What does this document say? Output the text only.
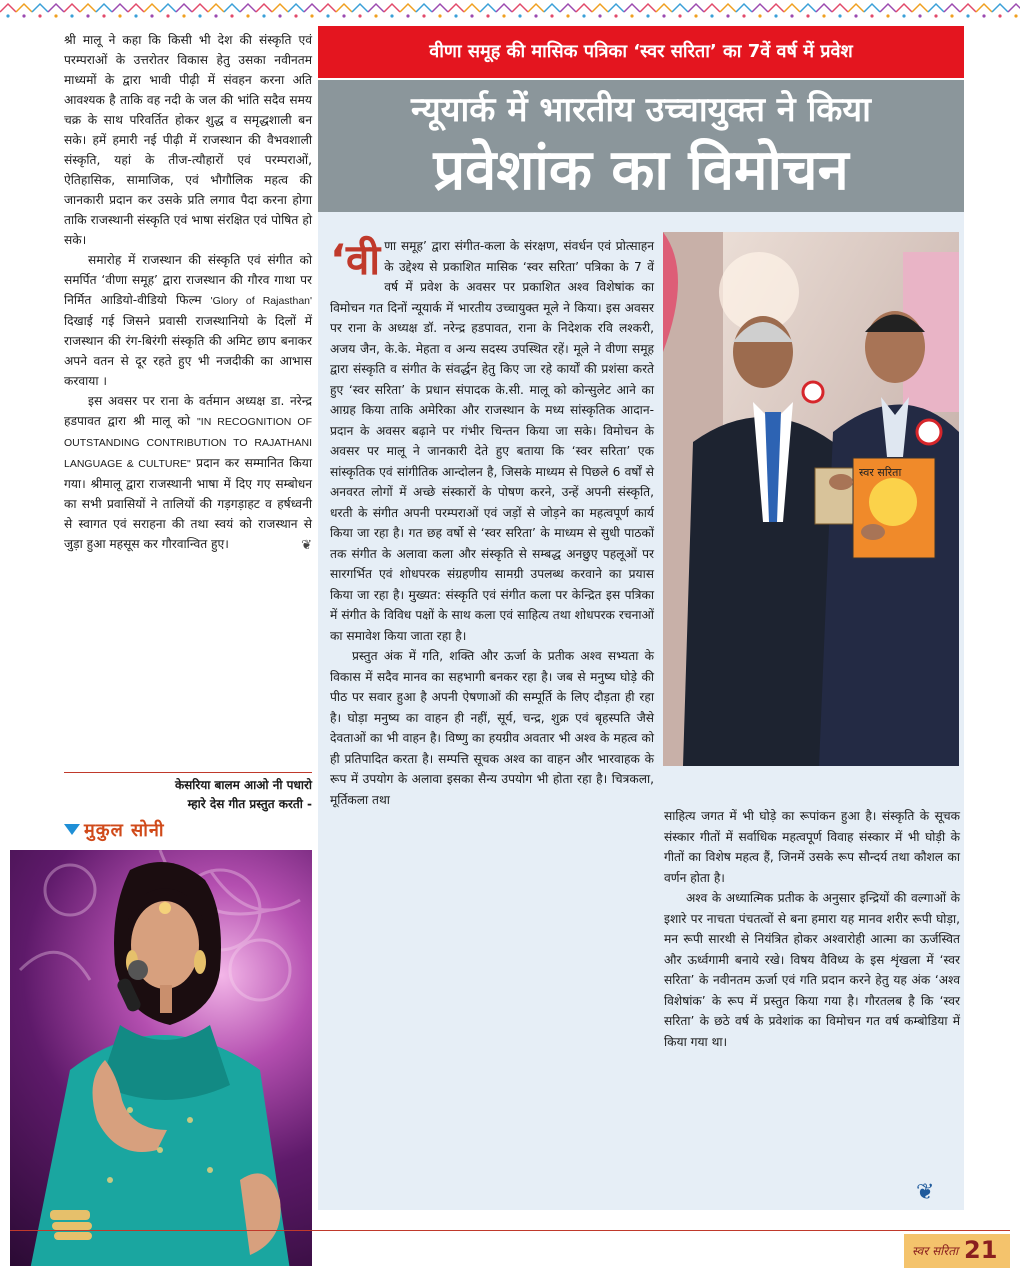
श्री मालू ने कहा कि किसी भी देश की संस्कृति एवं परम्पराओं के उत्तरोतर विकास हेतु उसका नवीनतम माध्यमों के द्वारा भावी पीढ़ी में संवहन करना अति आवश्यक है ताकि वह नदी के जल की भांति सदैव समय चक्र के साथ परिवर्तित होकर शुद्ध व समृद्धशाली बन सके। हमें हमारी नई पीढ़ी में राजस्थान की वैभवशाली संस्कृति, यहां के तीज-त्यौहारों एवं परम्पराओं, ऐतिहासिक, सामाजिक, एवं भौगौलिक महत्व की जानकारी प्रदान कर उसके प्रति लगाव पैदा करना होगा ताकि राजस्थानी संस्कृति एवं भाषा संरक्षित एवं पोषित हो सके।

समारोह में राजस्थान की संस्कृति एवं संगीत को समर्पित ‘वीणा समूह’ द्वारा राजस्थान की गौरव गाथा पर निर्मित आडियो-वीडियो फिल्म 'Glory of Rajasthan' दिखाई गई जिसने प्रवासी राजस्थानियो के दिलों में राजस्थान की रंग-बिरंगी संस्कृति की अमिट छाप बनाकर अपने वतन से दूर रहते हुए भी नजदीकी का आभास करवाया ।

इस अवसर पर राना के वर्तमान अध्यक्ष डा. नरेन्द्र हडपावत द्वारा श्री मालू को "IN RECOGNITION OF OUTSTANDING CONTRIBUTION TO RAJATHANI LANGUAGE & CULTURE" प्रदान कर सम्मानित किया गया। श्रीमालू द्वारा राजस्थानी भाषा में दिए गए सम्बोधन का सभी प्रवासियों ने तालियों की गड़गड़ाहट व हर्षध्वनी से स्वागत एवं सराहना की तथा स्वयं को राजस्थान से जुड़ा हुआ महसूस कर गौरवान्वित हुए।	❦

केसरिया बालम आओ नी पधारो
म्हारे देस गीत प्रस्तुत करती -
मुकुल सोनी
वीणा समूह की मासिक पत्रिका ‘स्वर सरिता’ का 7वें वर्ष में प्रवेश
न्यूयार्क में भारतीय उच्चायुक्त ने किया
प्रवेशांक का विमोचन

‘वीणा समूह’ द्वारा संगीत-कला के संरक्षण, संवर्धन एवं प्रोत्साहन के उद्देश्य से प्रकाशित मासिक ‘स्वर सरिता’ पत्रिका के 7 वें वर्ष में प्रवेश के अवसर पर प्रकाशित अश्व विशेषांक का विमोचन गत दिनों न्यूयार्क में भारतीय उच्चायुक्त मूले ने किया। इस अवसर पर राना के अध्यक्ष डॉ. नरेन्द्र हडपावत, राना के निदेशक रवि लश्करी, अजय जैन, के.के. मेहता व अन्य सदस्य उपस्थित रहें। मूले ने वीणा समूह द्वारा संस्कृति व संगीत के संवर्द्धन हेतु किए जा रहे कार्यों की प्रशंसा करते हुए ‘स्वर सरिता’ के प्रधान संपादक के.सी. मालू को कोन्सुलेट आने का आग्रह किया ताकि अमेरिका और राजस्थान के मध्य सांस्कृतिक आदान-प्रदान के अवसर बढ़ाने पर गंभीर चिन्तन किया जा सके। विमोचन के अवसर पर मालू ने जानकारी देते हुए बताया कि ‘स्वर सरिता’ एक सांस्कृतिक एवं सांगीतिक आन्दोलन है, जिसके माध्यम से पिछले 6 वर्षों से अनवरत लोगों में अच्छे संस्कारों के पोषण करने, उन्हें अपनी संस्कृति, धरती के संगीत अपनी परम्पराओं एवं जड़ों से जोड़ने का महत्वपूर्ण कार्य किया जा रहा है। गत छह वर्षो से ‘स्वर सरिता’ के माध्यम से सुधी पाठकों तक संगीत के अलावा कला और संस्कृति से सम्बद्ध अनछुए पहलूओं पर सारगर्भित एवं शोधपरक संग्रहणीय सामग्री उपलब्ध करवाने का प्रयास किया जा रहा है। मुख्यत: संस्कृति एवं संगीत कला पर केन्द्रित इस पत्रिका में संगीत के विविध पक्षों के साथ कला एवं साहित्य तथा शोधपरक रचनाओं का समावेश किया जाता रहा है।

प्रस्तुत अंक में गति, शक्ति और ऊर्जा के प्रतीक अश्व सभ्यता के विकास में सदैव मानव का सहभागी बनकर रहा है। जब से मनुष्य घोड़े की पीठ पर सवार हुआ है अपनी ऐषणाओं की सम्पूर्ति के लिए दौड़ता ही रहा है। घोड़ा मनुष्य का वाहन ही नहीं, सूर्य, चन्द्र, शुक्र एवं बृहस्पति जैसे देवताओं का भी वाहन है। विष्णु का हयग्रीव अवतार भी अश्व के महत्व को ही प्रतिपादित करता है। सम्पत्ति सूचक अश्व का वाहन और भारवाहक के रूप में उपयोग के अलावा इसका सैन्य उपयोग भी होता रहा है। चित्रकला, मूर्तिकला तथा

स्वर सरिता

साहित्य जगत में भी घोड़े का रूपांकन हुआ है। संस्कृति के सूचक संस्कार गीतों में सर्वाधिक महत्वपूर्ण विवाह संस्कार में भी घोड़ी के गीतों का विशेष महत्व हैं, जिनमें उसके रूप सौन्दर्य तथा कौशल का वर्णन होता है।

अश्व के अध्यात्मिक प्रतीक के अनुसार इन्द्रियों की वल्गाओं के इशारे पर नाचता पंचतत्वों से बना हमारा यह मानव शरीर रूपी घोड़ा, मन रूपी सारथी से नियंत्रित होकर अश्वारोही आत्मा का ऊर्जस्वित और ऊर्ध्वगामी बनाये रखे। विषय वैविध्य के इस शृंखला में ‘स्वर सरिता’ के नवीनतम ऊर्जा एवं गति प्रदान करने हेतु यह अंक ‘अश्व विशेषांक’ के रूप में प्रस्तुत किया गया है। गौरतलब है कि ‘स्वर सरिता’ के छठे वर्ष के प्रवेशांक का विमोचन गत वर्ष कम्बोडिया में किया गया था।

❦
स्वर सरिता 21
